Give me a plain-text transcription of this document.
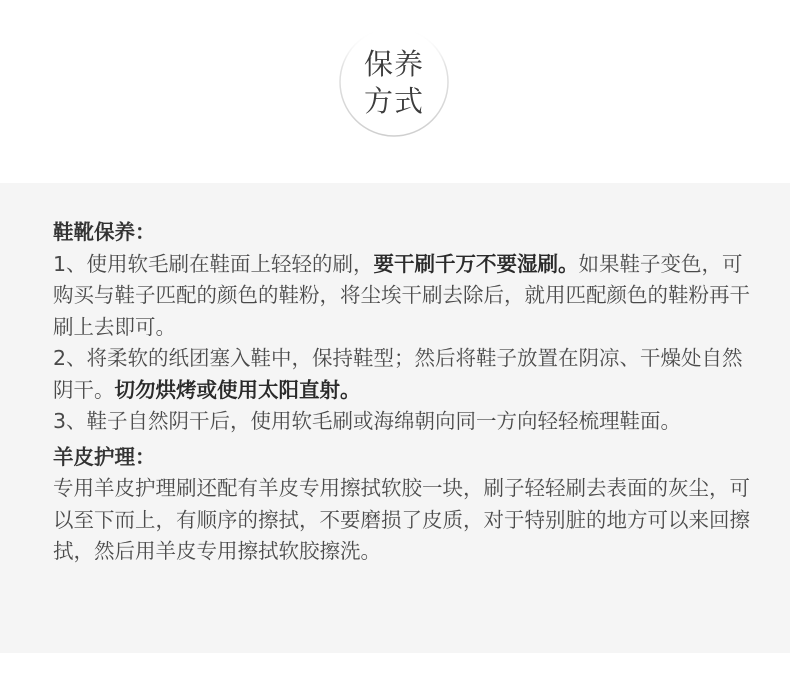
保养
方式

鞋靴保养：

1、使用软毛刷在鞋面上轻轻的刷，要干刷千万不要湿刷。如果鞋子变色，可购买与鞋子匹配的颜色的鞋粉，将尘埃干刷去除后，就用匹配颜色的鞋粉再干刷上去即可。

2、将柔软的纸团塞入鞋中，保持鞋型；然后将鞋子放置在阴凉、干燥处自然阴干。切勿烘烤或使用太阳直射。

3、鞋子自然阴干后，使用软毛刷或海绵朝向同一方向轻轻梳理鞋面。

羊皮护理：

专用羊皮护理刷还配有羊皮专用擦拭软胶一块，刷子轻轻刷去表面的灰尘，可以至下而上，有顺序的擦拭，不要磨损了皮质，对于特别脏的地方可以来回擦拭，然后用羊皮专用擦拭软胶擦洗。
